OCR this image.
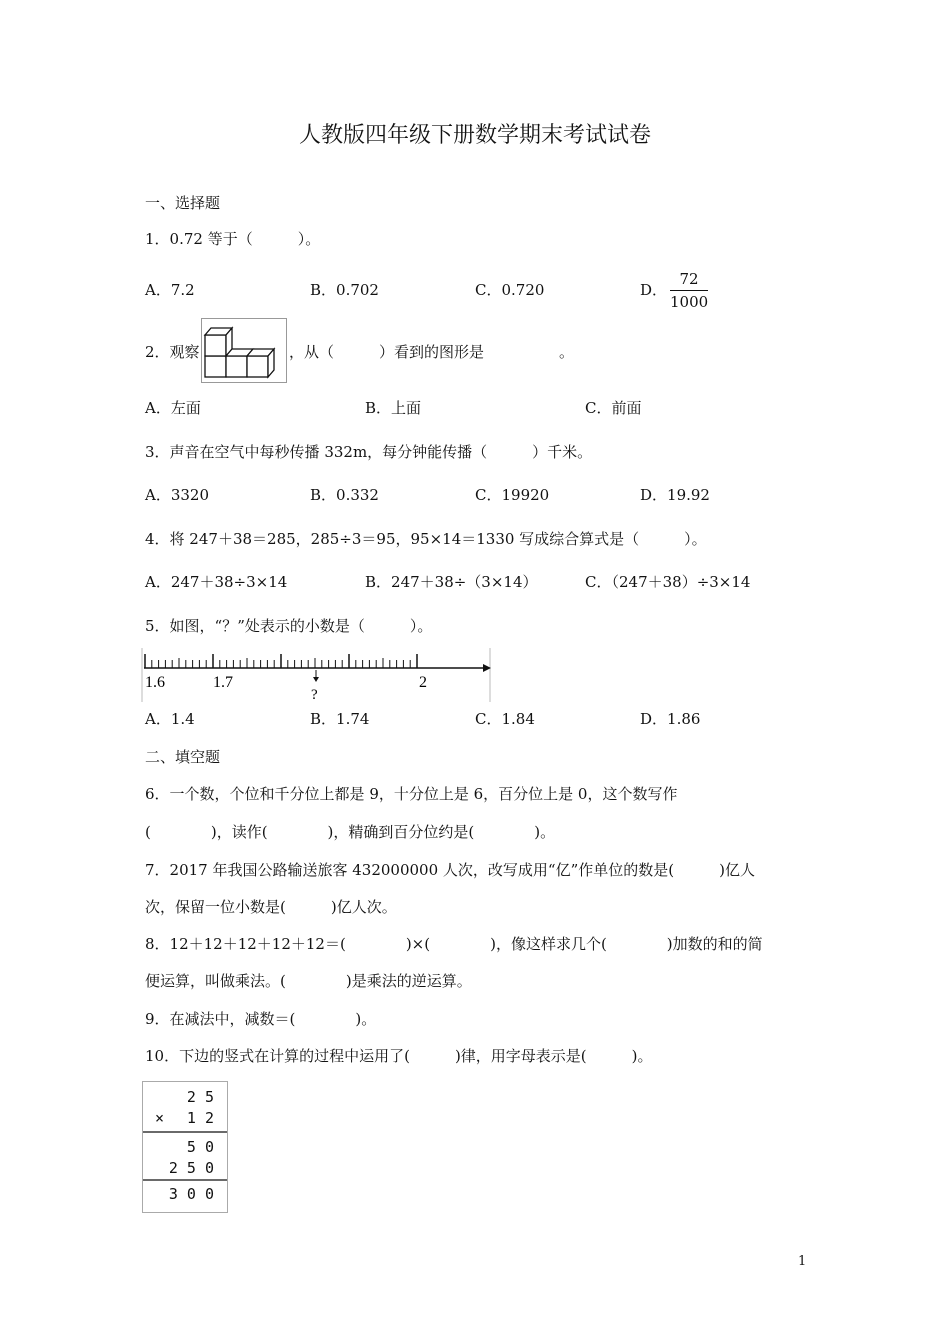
人教版四年级下册数学期末考试试卷
一、选择题
1．0.72 等于（　　　）。
A．7.2	B．0.702	C．0.720	D．
72
1000
2．观察	，从（　　　）看到的图形是　　　　　。
A．左面	B．上面	C．前面
3．声音在空气中每秒传播 332m，每分钟能传播（　　　）千米。
A．3320	B．0.332	C．19920	D．19.92
4．将 247＋38＝285，285÷3＝95，95×14＝1330 写成综合算式是（　　　）。
A．247＋38÷3×14	B．247＋38÷（3×14）	C．（247＋38）÷3×14
5．如图，“？”处表示的小数是（　　　）。
1.6	1.7	2
?
A．1.4	B．1.74	C．1.84	D．1.86
二、填空题
6．一个数，个位和千分位上都是 9，十分位上是 6，百分位上是 0，这个数写作
(　　　　)，读作(　　　　)，精确到百分位约是(　　　　)。
7．2017 年我国公路输送旅客 432000000 人次，改写成用“亿”作单位的数是(　　　)亿人
次，保留一位小数是(　　　)亿人次。
8．12＋12＋12＋12＋12＝(　　　　)×(　　　　)，像这样求几个(　　　　)加数的和的简
便运算，叫做乘法。(　　　　)是乘法的逆运算。
9．在减法中，减数＝(　　　　)。
10．下边的竖式在计算的过程中运用了(　　　)律，用字母表示是(　　　)。
2 5
× 1 2
5 0
2 5 0
3 0 0
1
